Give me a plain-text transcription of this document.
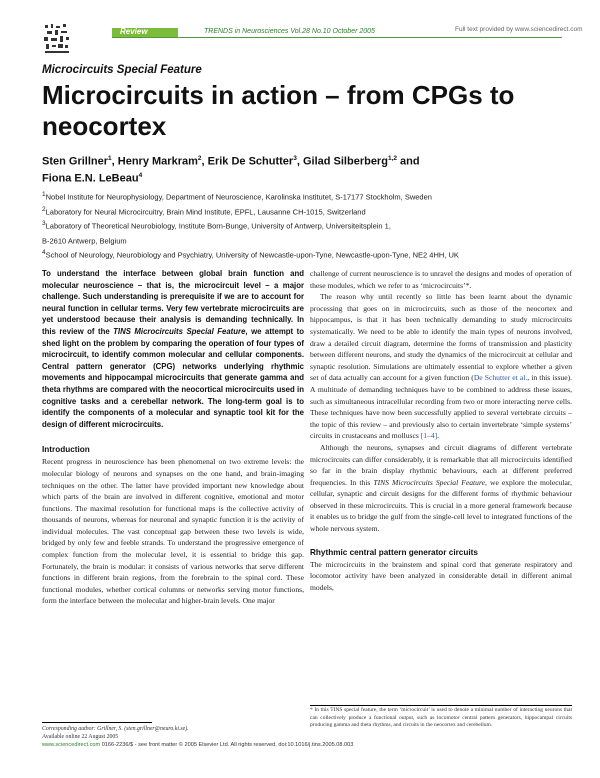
Review	TRENDS in Neurosciences Vol.28 No.10 October 2005	Full text provided by www.sciencedirect.com
Microcircuits Special Feature
Microcircuits in action – from CPGs to neocortex
Sten Grillner$^1$, Henry Markram$^2$, Erik De Schutter$^3$, Gilad Silberberg$^{1,2}$ and
Fiona E.N. LeBeau$^4$
$^1$Nobel Institute for Neurophysiology, Department of Neuroscience, Karolinska Institutet, S-17177 Stockholm, Sweden
$^2$Laboratory for Neural Microcircuitry, Brain Mind Institute, EPFL, Lausanne CH-1015, Switzerland
$^3$Laboratory of Theoretical Neurobiology, Institute Born-Bunge, University of Antwerp, Universiteitsplein 1,
B-2610 Antwerp, Belgium
$^4$School of Neurology, Neurobiology and Psychiatry, University of Newcastle-upon-Tyne, Newcastle-upon-Tyne, NE2 4HH, UK

To understand the interface between global brain function and molecular neuroscience – that is, the microcircuit level – a major challenge. Such understanding is prerequisite if we are to account for neural function in cellular terms. Very few vertebrate microcircuits are yet understood because their analysis is demanding technically. In this review of the TINS Microcircuits Special Feature, we attempt to shed light on the problem by comparing the operation of four types of microcircuit, to identify common molecular and cellular components. Central pattern generator (CPG) networks underlying rhythmic movements and hippocampal microcircuits that generate gamma and theta rhythms are compared with the neocortical microcircuits used in cognitive tasks and a cerebellar network. The long-term goal is to identify the components of a molecular and synaptic tool kit for the design of different microcircuits.

Introduction

Recent progress in neuroscience has been phenomenal on two extreme levels: the molecular biology of neurons and synapses on the one hand, and brain-imaging techniques on the other. The latter have provided important new knowledge about which parts of the brain are involved in different cognitive, emotional and motor functions. The maximal resolution for functional maps is the collective activity of thousands of neurons, whereas for neuronal and synaptic function it is the activity of individual molecules. The vast conceptual gap between these two levels is wide, bridged by only few and feeble strands. To understand the progressive emergence of complex function from the molecular level, it is essential to bridge this gap. Fortunately, the brain is modular: it consists of various networks that serve different functions in different brain regions, from the forebrain to the spinal cord. These functional modules, whether cortical columns or networks serving motor functions, form the interface between the molecular and higher-brain levels. One major

challenge of current neuroscience is to unravel the designs and modes of operation of these modules, which we refer to as ‘microcircuits’*.

The reason why until recently so little has been learnt about the dynamic processing that goes on in microcircuits, such as those of the neocortex and hippocampus, is that it has been technically demanding to study microcircuits systematically. We need to be able to identify the main types of neurons involved, draw a detailed circuit diagram, determine the forms of transmission and plasticity between different neurons, and study the dynamics of the microcircuit at cellular and synaptic resolution. Simulations are ultimately essential to explore whether a given set of data actually can account for a given function (De Schutter et al., in this issue). A multitude of demanding techniques have to be combined to address these issues, such as simultaneous intracellular recording from two or more interacting nerve cells. These techniques have now been successfully applied to several vertebrate circuits – the topic of this review – and previously also to certain invertebrate ‘simple systems’ circuits in crustaceans and molluscs [1–4].

Although the neurons, synapses and circuit diagrams of different vertebrate microcircuits can differ considerably, it is remarkable that all microcircuits identified so far in the brain display rhythmic behaviours, each at different preferred frequencies. In this TINS Microcircuits Special Feature, we explore the molecular, cellular, synaptic and circuit designs for the different forms of rhythmic behaviour observed in these microcircuits. This is crucial in a more general framework because it enables us to bridge the gulf from the single-cell level to integrated functions of the whole nervous system.

Rhythmic central pattern generator circuits

The microcircuits in the brainstem and spinal cord that generate respiratory and locomotor activity have been analyzed in considerable detail in different animal models,

Corresponding author: Grillner, S. (sten.grillner@neuro.ki.se).
Available online 22 August 2005
* In this TINS special feature, the term ‘microcircuit’ is used to denote a minimal number of interacting neurons that can collectively produce a functional output, such as locomotor central pattern generators, hippocampal circuits producing gamma and theta rhythms, and circuits in the neocortex and cerebellum.
www.sciencedirect.com 0166-2236/$ - see front matter © 2005 Elsevier Ltd. All rights reserved. doi:10.1016/j.tins.2005.08.003
